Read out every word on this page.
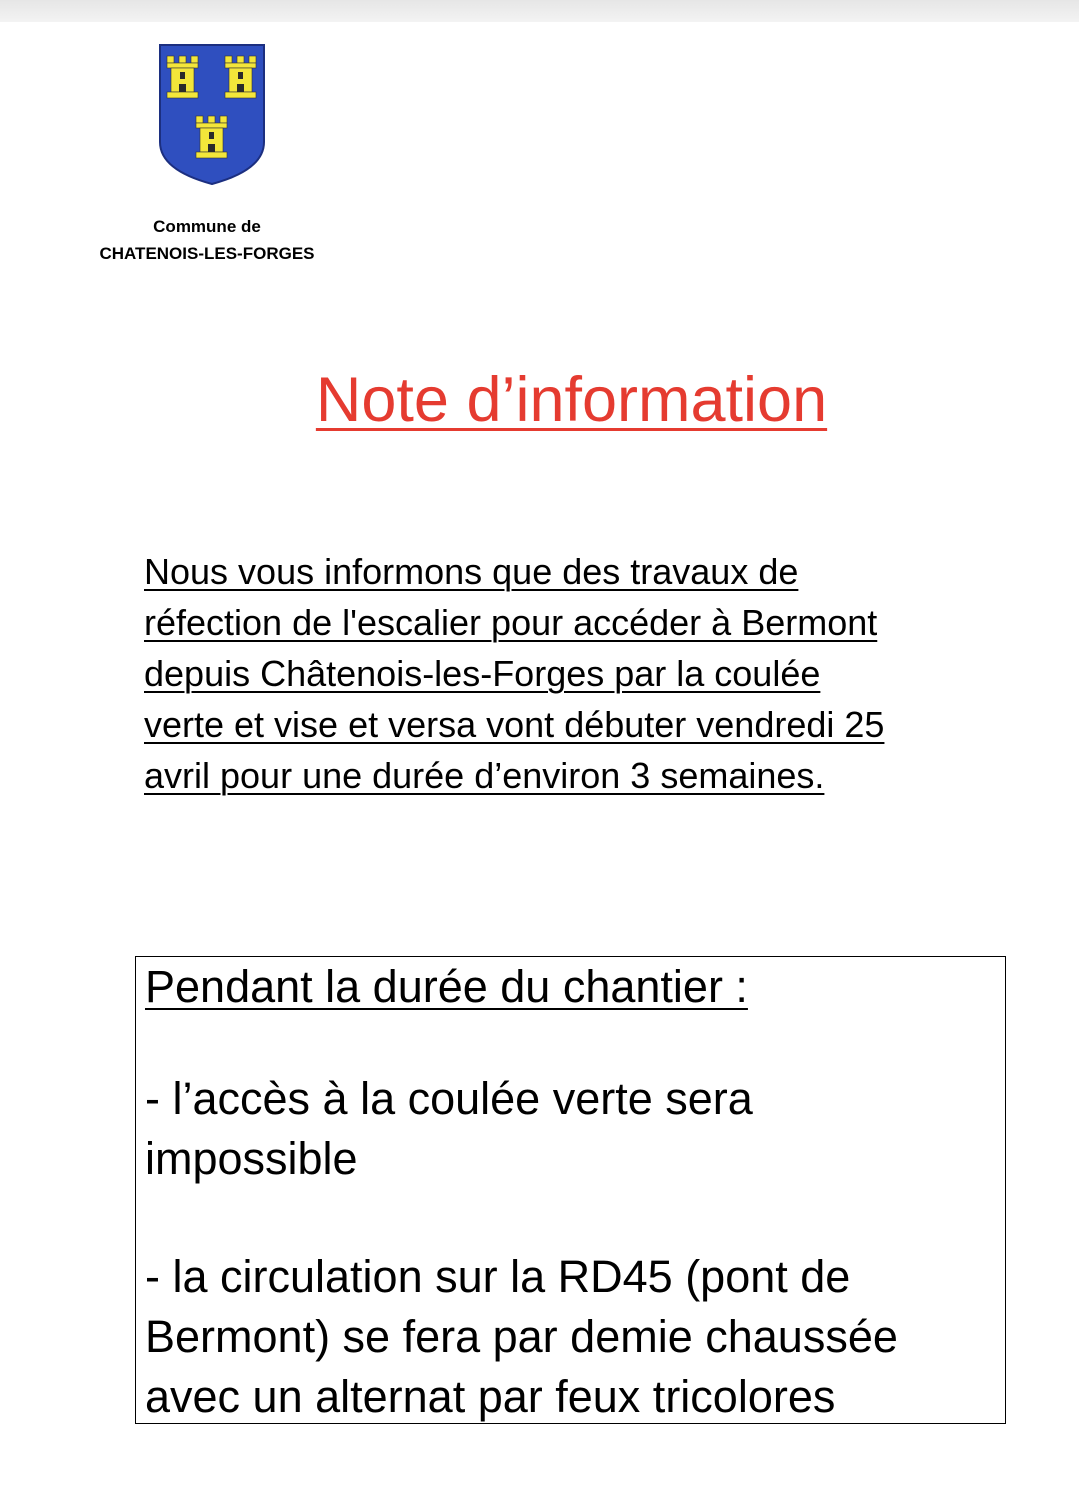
Commune de
CHATENOIS-LES-FORGES
Note d’information
Nous vous informons que des travaux de
réfection de l'escalier pour accéder à Bermont
depuis Châtenois-les-Forges par la coulée
verte et vise et versa vont débuter vendredi 25
avril pour une durée d’environ 3 semaines.
Pendant la durée du chantier :
- l’accès à la coulée verte sera
impossible
- la circulation sur la RD45 (pont de
Bermont) se fera par demie chaussée
avec un alternat par feux tricolores
